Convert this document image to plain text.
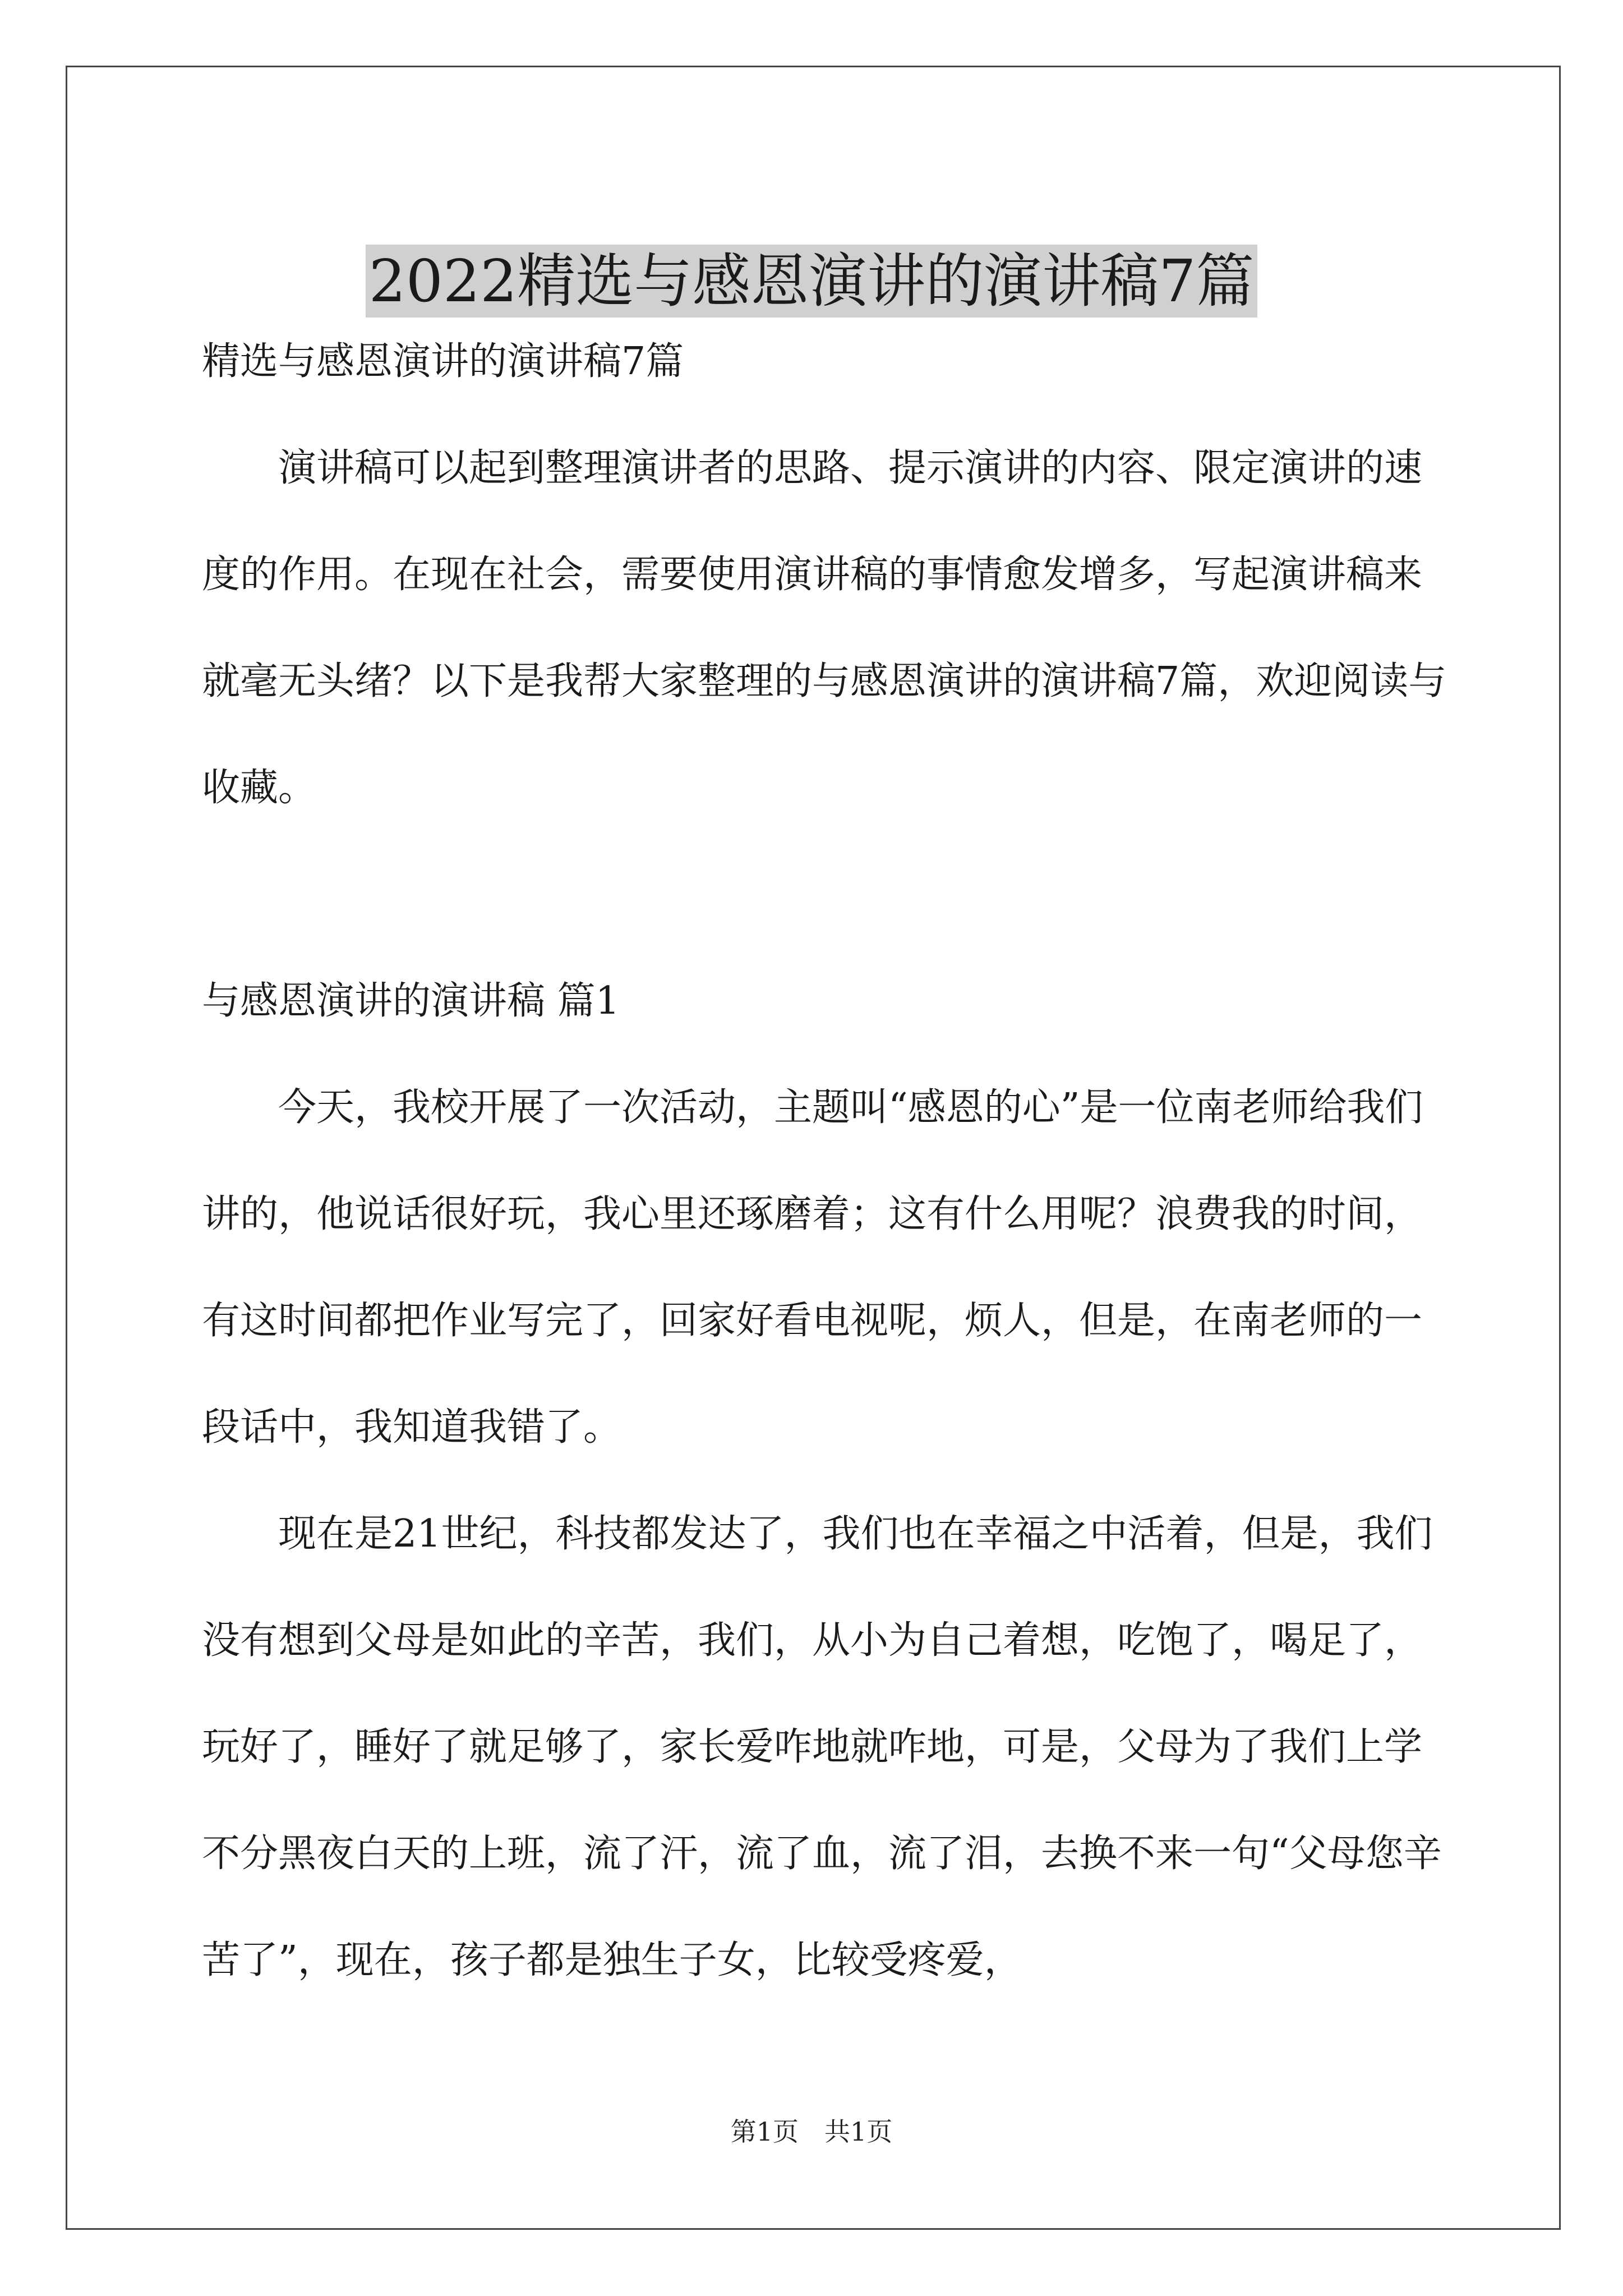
2022精选与感恩演讲的演讲稿7篇

精选与感恩演讲的演讲稿7篇

演讲稿可以起到整理演讲者的思路、提示演讲的内容、限定演讲的速度的作用。在现在社会，需要使用演讲稿的事情愈发增多，写起演讲稿来就毫无头绪？以下是我帮大家整理的与感恩演讲的演讲稿7篇，欢迎阅读与收藏。

与感恩演讲的演讲稿 篇1

今天，我校开展了一次活动，主题叫“感恩的心”是一位南老师给我们讲的，他说话很好玩，我心里还琢磨着；这有什么用呢？浪费我的时间，有这时间都把作业写完了，回家好看电视呢，烦人，但是，在南老师的一段话中，我知道我错了。

现在是21世纪，科技都发达了，我们也在幸福之中活着，但是，我们没有想到父母是如此的辛苦，我们，从小为自己着想，吃饱了，喝足了，玩好了，睡好了就足够了，家长爱咋地就咋地，可是，父母为了我们上学不分黑夜白天的上班，流了汗，流了血，流了泪，去换不来一句“父母您辛苦了”，现在，孩子都是独生子女，比较受疼爱，

第1页　共1页
